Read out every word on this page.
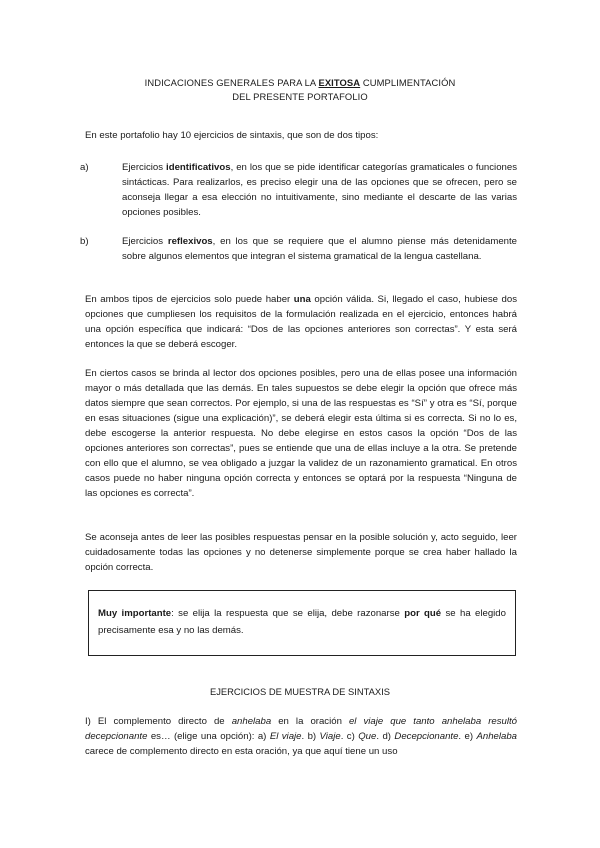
INDICACIONES GENERALES PARA LA EXITOSA CUMPLIMENTACIÓN
DEL PRESENTE PORTAFOLIO
En este portafolio hay 10 ejercicios de sintaxis, que son de dos tipos:
a)	Ejercicios identificativos, en los que se pide identificar categorías gramaticales o funciones sintácticas. Para realizarlos, es preciso elegir una de las opciones que se ofrecen, pero se aconseja llegar a esa elección no intuitivamente, sino mediante el descarte de las varias opciones posibles.
b)	Ejercicios reflexivos, en los que se requiere que el alumno piense más detenidamente sobre algunos elementos que integran el sistema gramatical de la lengua castellana.
En ambos tipos de ejercicios solo puede haber una opción válida. Si, llegado el caso, hubiese dos opciones que cumpliesen los requisitos de la formulación realizada en el ejercicio, entonces habrá una opción específica que indicará: “Dos de las opciones anteriores son correctas”. Y esta será entonces la que se deberá escoger.
En ciertos casos se brinda al lector dos opciones posibles, pero una de ellas posee una información mayor o más detallada que las demás. En tales supuestos se debe elegir la opción que ofrece más datos siempre que sean correctos. Por ejemplo, si una de las respuestas es “Sí” y otra es “Sí, porque en esas situaciones (sigue una explicación)”, se deberá elegir esta última si es correcta. Si no lo es, debe escogerse la anterior respuesta. No debe elegirse en estos casos la opción “Dos de las opciones anteriores son correctas”, pues se entiende que una de ellas incluye a la otra. Se pretende con ello que el alumno, se vea obligado a juzgar la validez de un razonamiento gramatical. En otros casos puede no haber ninguna opción correcta y entonces se optará por la respuesta “Ninguna de las opciones es correcta”.
Se aconseja antes de leer las posibles respuestas pensar en la posible solución y, acto seguido, leer cuidadosamente todas las opciones y no detenerse simplemente porque se crea haber hallado la opción correcta.
Muy importante: se elija la respuesta que se elija, debe razonarse por qué se ha elegido precisamente esa y no las demás.
EJERCICIOS DE MUESTRA DE SINTAXIS
I) El complemento directo de anhelaba en la oración el viaje que tanto anhelaba resultó decepcionante es… (elige una opción): a) El viaje. b) Viaje. c) Que. d) Decepcionante. e) Anhelaba carece de complemento directo en esta oración, ya que aquí tiene un uso
